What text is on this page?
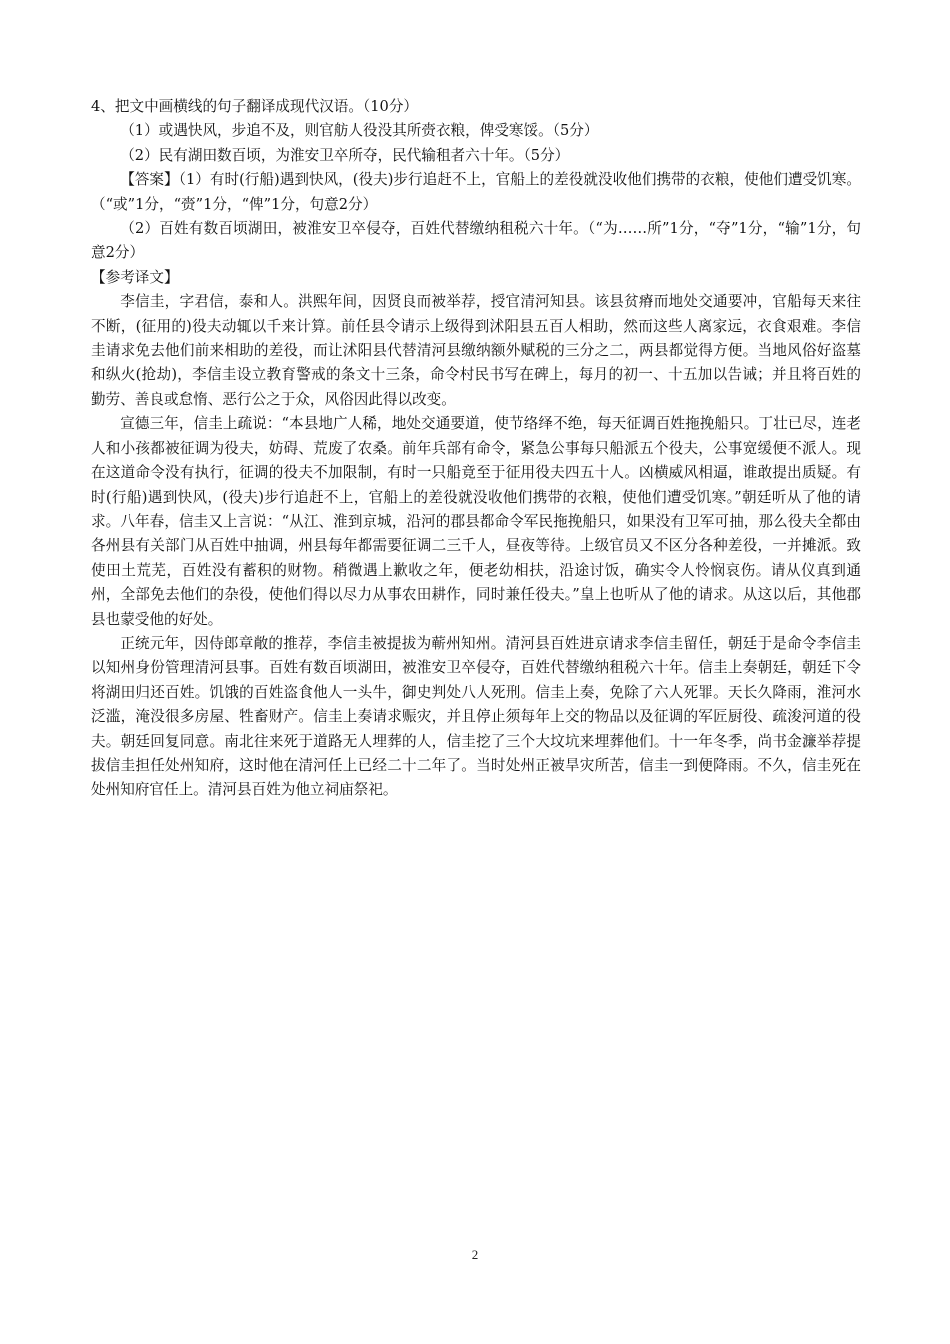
4、把文中画横线的句子翻译成现代汉语。（10分）

（1）或遇快风，步追不及，则官舫人役没其所赍衣粮，俾受寒馁。（5分）

（2）民有湖田数百顷，为淮安卫卒所夺，民代输租者六十年。（5分）

【答案】（1）有时(行船)遇到快风，(役夫)步行追赶不上，官船上的差役就没收他们携带的衣粮，使他们遭受饥寒。（“或”1分，“赍”1分，“俾”1分，句意2分）

（2）百姓有数百顷湖田，被淮安卫卒侵夺，百姓代替缴纳租税六十年。（“为……所”1分，“夺”1分，“输”1分，句意2分）

【参考译文】

李信圭，字君信，泰和人。洪熙年间，因贤良而被举荐，授官清河知县。该县贫瘠而地处交通要冲，官船每天来往不断，(征用的)役夫动辄以千来计算。前任县令请示上级得到沭阳县五百人相助，然而这些人离家远，衣食艰难。李信圭请求免去他们前来相助的差役，而让沭阳县代替清河县缴纳额外赋税的三分之二，两县都觉得方便。当地风俗好盗墓和纵火(抢劫)，李信圭设立教育警戒的条文十三条，命令村民书写在碑上，每月的初一、十五加以告诫；并且将百姓的勤劳、善良或怠惰、恶行公之于众，风俗因此得以改变。

宣德三年，信圭上疏说：“本县地广人稀，地处交通要道，使节络绎不绝，每天征调百姓拖挽船只。丁壮已尽，连老人和小孩都被征调为役夫，妨碍、荒废了农桑。前年兵部有命令，紧急公事每只船派五个役夫，公事宽缓便不派人。现在这道命令没有执行，征调的役夫不加限制，有时一只船竟至于征用役夫四五十人。凶横威风相逼，谁敢提出质疑。有时(行船)遇到快风，(役夫)步行追赶不上，官船上的差役就没收他们携带的衣粮，使他们遭受饥寒。”朝廷听从了他的请求。八年春，信圭又上言说：“从江、淮到京城，沿河的郡县都命令军民拖挽船只，如果没有卫军可抽，那么役夫全都由各州县有关部门从百姓中抽调，州县每年都需要征调二三千人，昼夜等待。上级官员又不区分各种差役，一并摊派。致使田土荒芜，百姓没有蓄积的财物。稍微遇上歉收之年，便老幼相扶，沿途讨饭，确实令人怜悯哀伤。请从仪真到通州，全部免去他们的杂役，使他们得以尽力从事农田耕作，同时兼任役夫。”皇上也听从了他的请求。从这以后，其他郡县也蒙受他的好处。

正统元年，因侍郎章敞的推荐，李信圭被提拔为蕲州知州。清河县百姓进京请求李信圭留任，朝廷于是命令李信圭以知州身份管理清河县事。百姓有数百顷湖田，被淮安卫卒侵夺，百姓代替缴纳租税六十年。信圭上奏朝廷，朝廷下令将湖田归还百姓。饥饿的百姓盗食他人一头牛，御史判处八人死刑。信圭上奏，免除了六人死罪。天长久降雨，淮河水泛滥，淹没很多房屋、牲畜财产。信圭上奏请求赈灾，并且停止须每年上交的物品以及征调的军匠厨役、疏浚河道的役夫。朝廷回复同意。南北往来死于道路无人埋葬的人，信圭挖了三个大坟坑来埋葬他们。十一年冬季，尚书金濂举荐提拔信圭担任处州知府，这时他在清河任上已经二十二年了。当时处州正被旱灾所苦，信圭一到便降雨。不久，信圭死在处州知府官任上。清河县百姓为他立祠庙祭祀。

2
